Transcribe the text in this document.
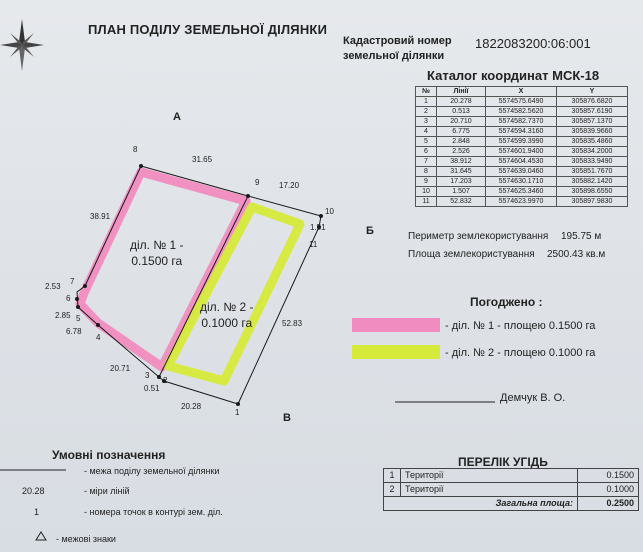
ПЛАН ПОДІЛУ ЗЕМЕЛЬНОЇ ДІЛЯНКИ
Кадастровий номер
земельної ділянки
1822083200:06:001
Каталог координат МСК-18
№	Лінії	X	Y
1	20.278	5574575.6490	305876.6820
2	0.513	5574582.5620	305857.6190
3	20.710	5574582.7370	305857.1370
4	6.775	5574594.3160	305839.9660
5	2.848	5574599.3990	305835.4860
6	2.526	5574601.9400	305834.2000
7	38.912	5574604.4530	305833.9490
8	31.645	5574639.0460	305851.7670
9	17.203	5574630.1710	305882.1420
10	1.507	5574625.3460	305898.6550
11	52.832	5574623.9970	305897.9830
Периметр землекористування 195.75 м
Площа землекористування 2500.43 кв.м
Погоджено :
- діл. № 1 - площею 0.1500 га
- діл. № 2 - площею 0.1000 га
Демчук В. О.
А
Б
В
діл. № 1 -
0.1500 га
діл. № 2 -
0.1000 га
31.65
17.20
1.51
38.91
2.53
2.85
6.78
20.71
0.51
20.28
52.83
1
2
3
4
5
6
7
8
9
10
11
Умовні позначення
- межа поділу земельної ділянки
20.28	- міри ліній
1	- номера точок в контурі зем. діл.
- межові знаки
ПЕРЕЛІК УГІДЬ
1	Території	0.1500
2	Території	0.1000
Загальна площа:		0.2500
